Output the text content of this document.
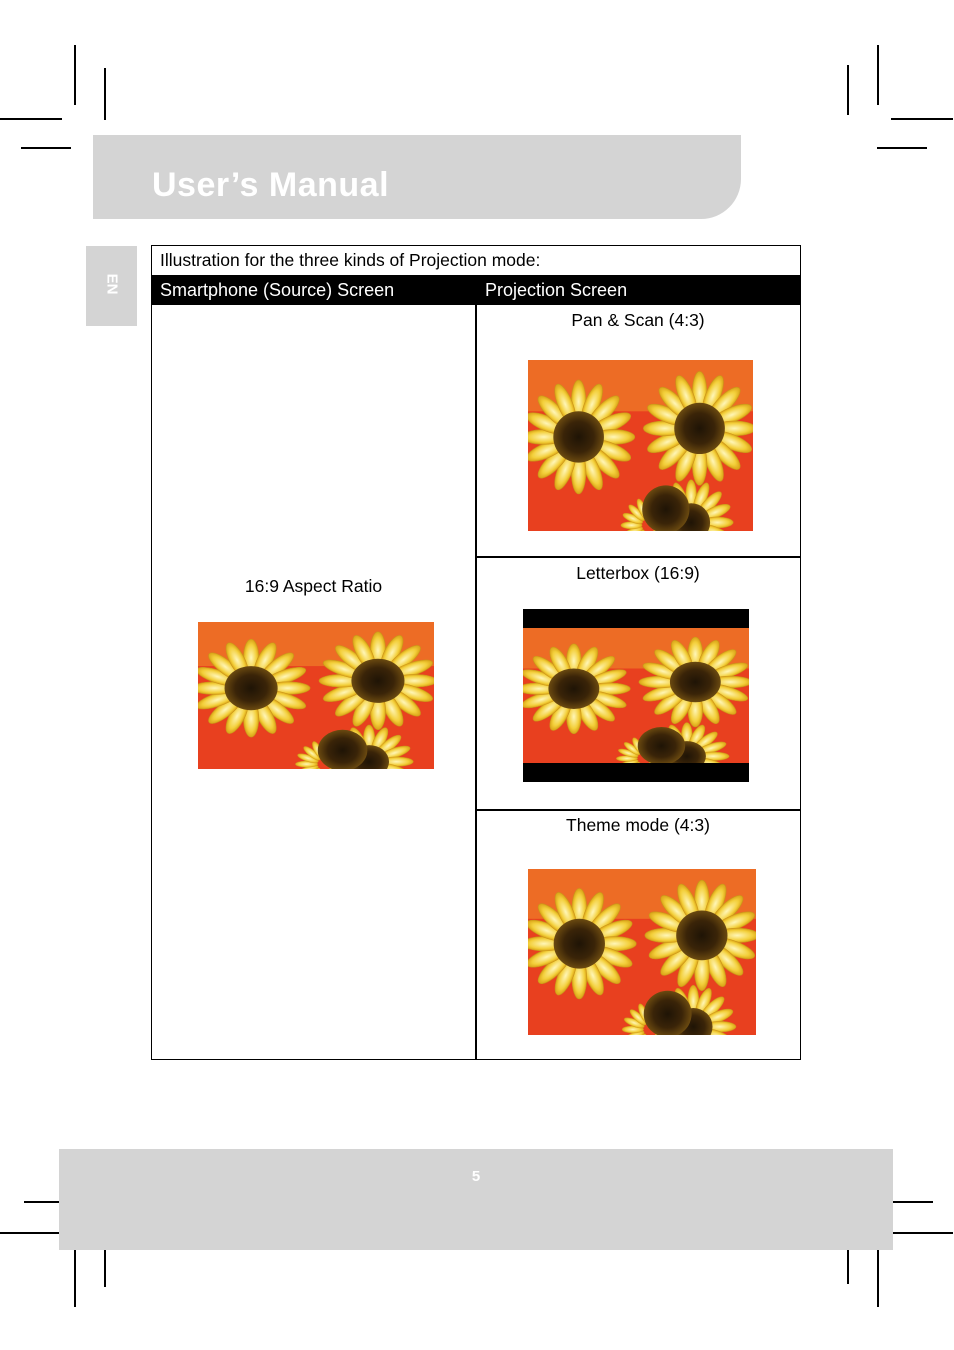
User’s Manual
EN
Illustration for the three kinds of Projection mode:
Smartphone (Source) Screen	Projection Screen
16:9 Aspect Ratio
Pan & Scan (4:3)
Letterbox (16:9)
Theme mode (4:3)
5
